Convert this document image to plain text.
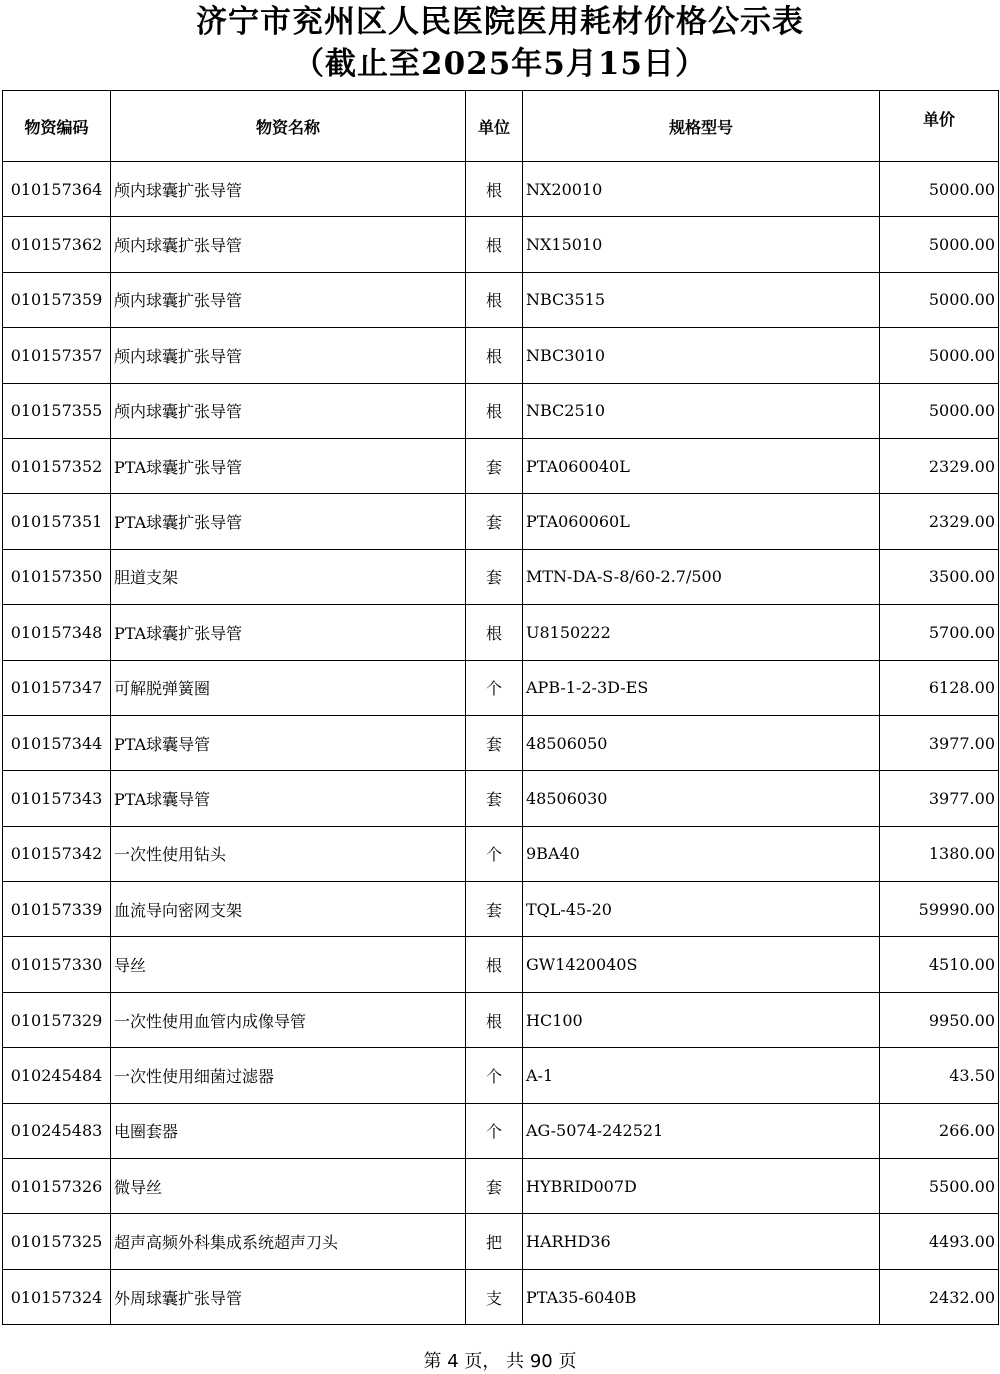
济宁市兖州区人民医院医用耗材价格公示表
（截止至2025年5月15日）
物资编码	物资名称	单位	规格型号	单价
010157364	颅内球囊扩张导管	根	NX20010	5000.00
010157362	颅内球囊扩张导管	根	NX15010	5000.00
010157359	颅内球囊扩张导管	根	NBC3515	5000.00
010157357	颅内球囊扩张导管	根	NBC3010	5000.00
010157355	颅内球囊扩张导管	根	NBC2510	5000.00
010157352	PTA球囊扩张导管	套	PTA060040L	2329.00
010157351	PTA球囊扩张导管	套	PTA060060L	2329.00
010157350	胆道支架	套	MTN-DA-S-8/60-2.7/500	3500.00
010157348	PTA球囊扩张导管	根	U8150222	5700.00
010157347	可解脱弹簧圈	个	APB-1-2-3D-ES	6128.00
010157344	PTA球囊导管	套	48506050	3977.00
010157343	PTA球囊导管	套	48506030	3977.00
010157342	一次性使用钻头	个	9BA40	1380.00
010157339	血流导向密网支架	套	TQL-45-20	59990.00
010157330	导丝	根	GW1420040S	4510.00
010157329	一次性使用血管内成像导管	根	HC100	9950.00
010245484	一次性使用细菌过滤器	个	A-1	43.50
010245483	电圈套器	个	AG-5074-242521	266.00
010157326	微导丝	套	HYBRID007D	5500.00
010157325	超声高频外科集成系统超声刀头	把	HARHD36	4493.00
010157324	外周球囊扩张导管	支	PTA35-6040B	2432.00
第 4 页， 共 90 页
